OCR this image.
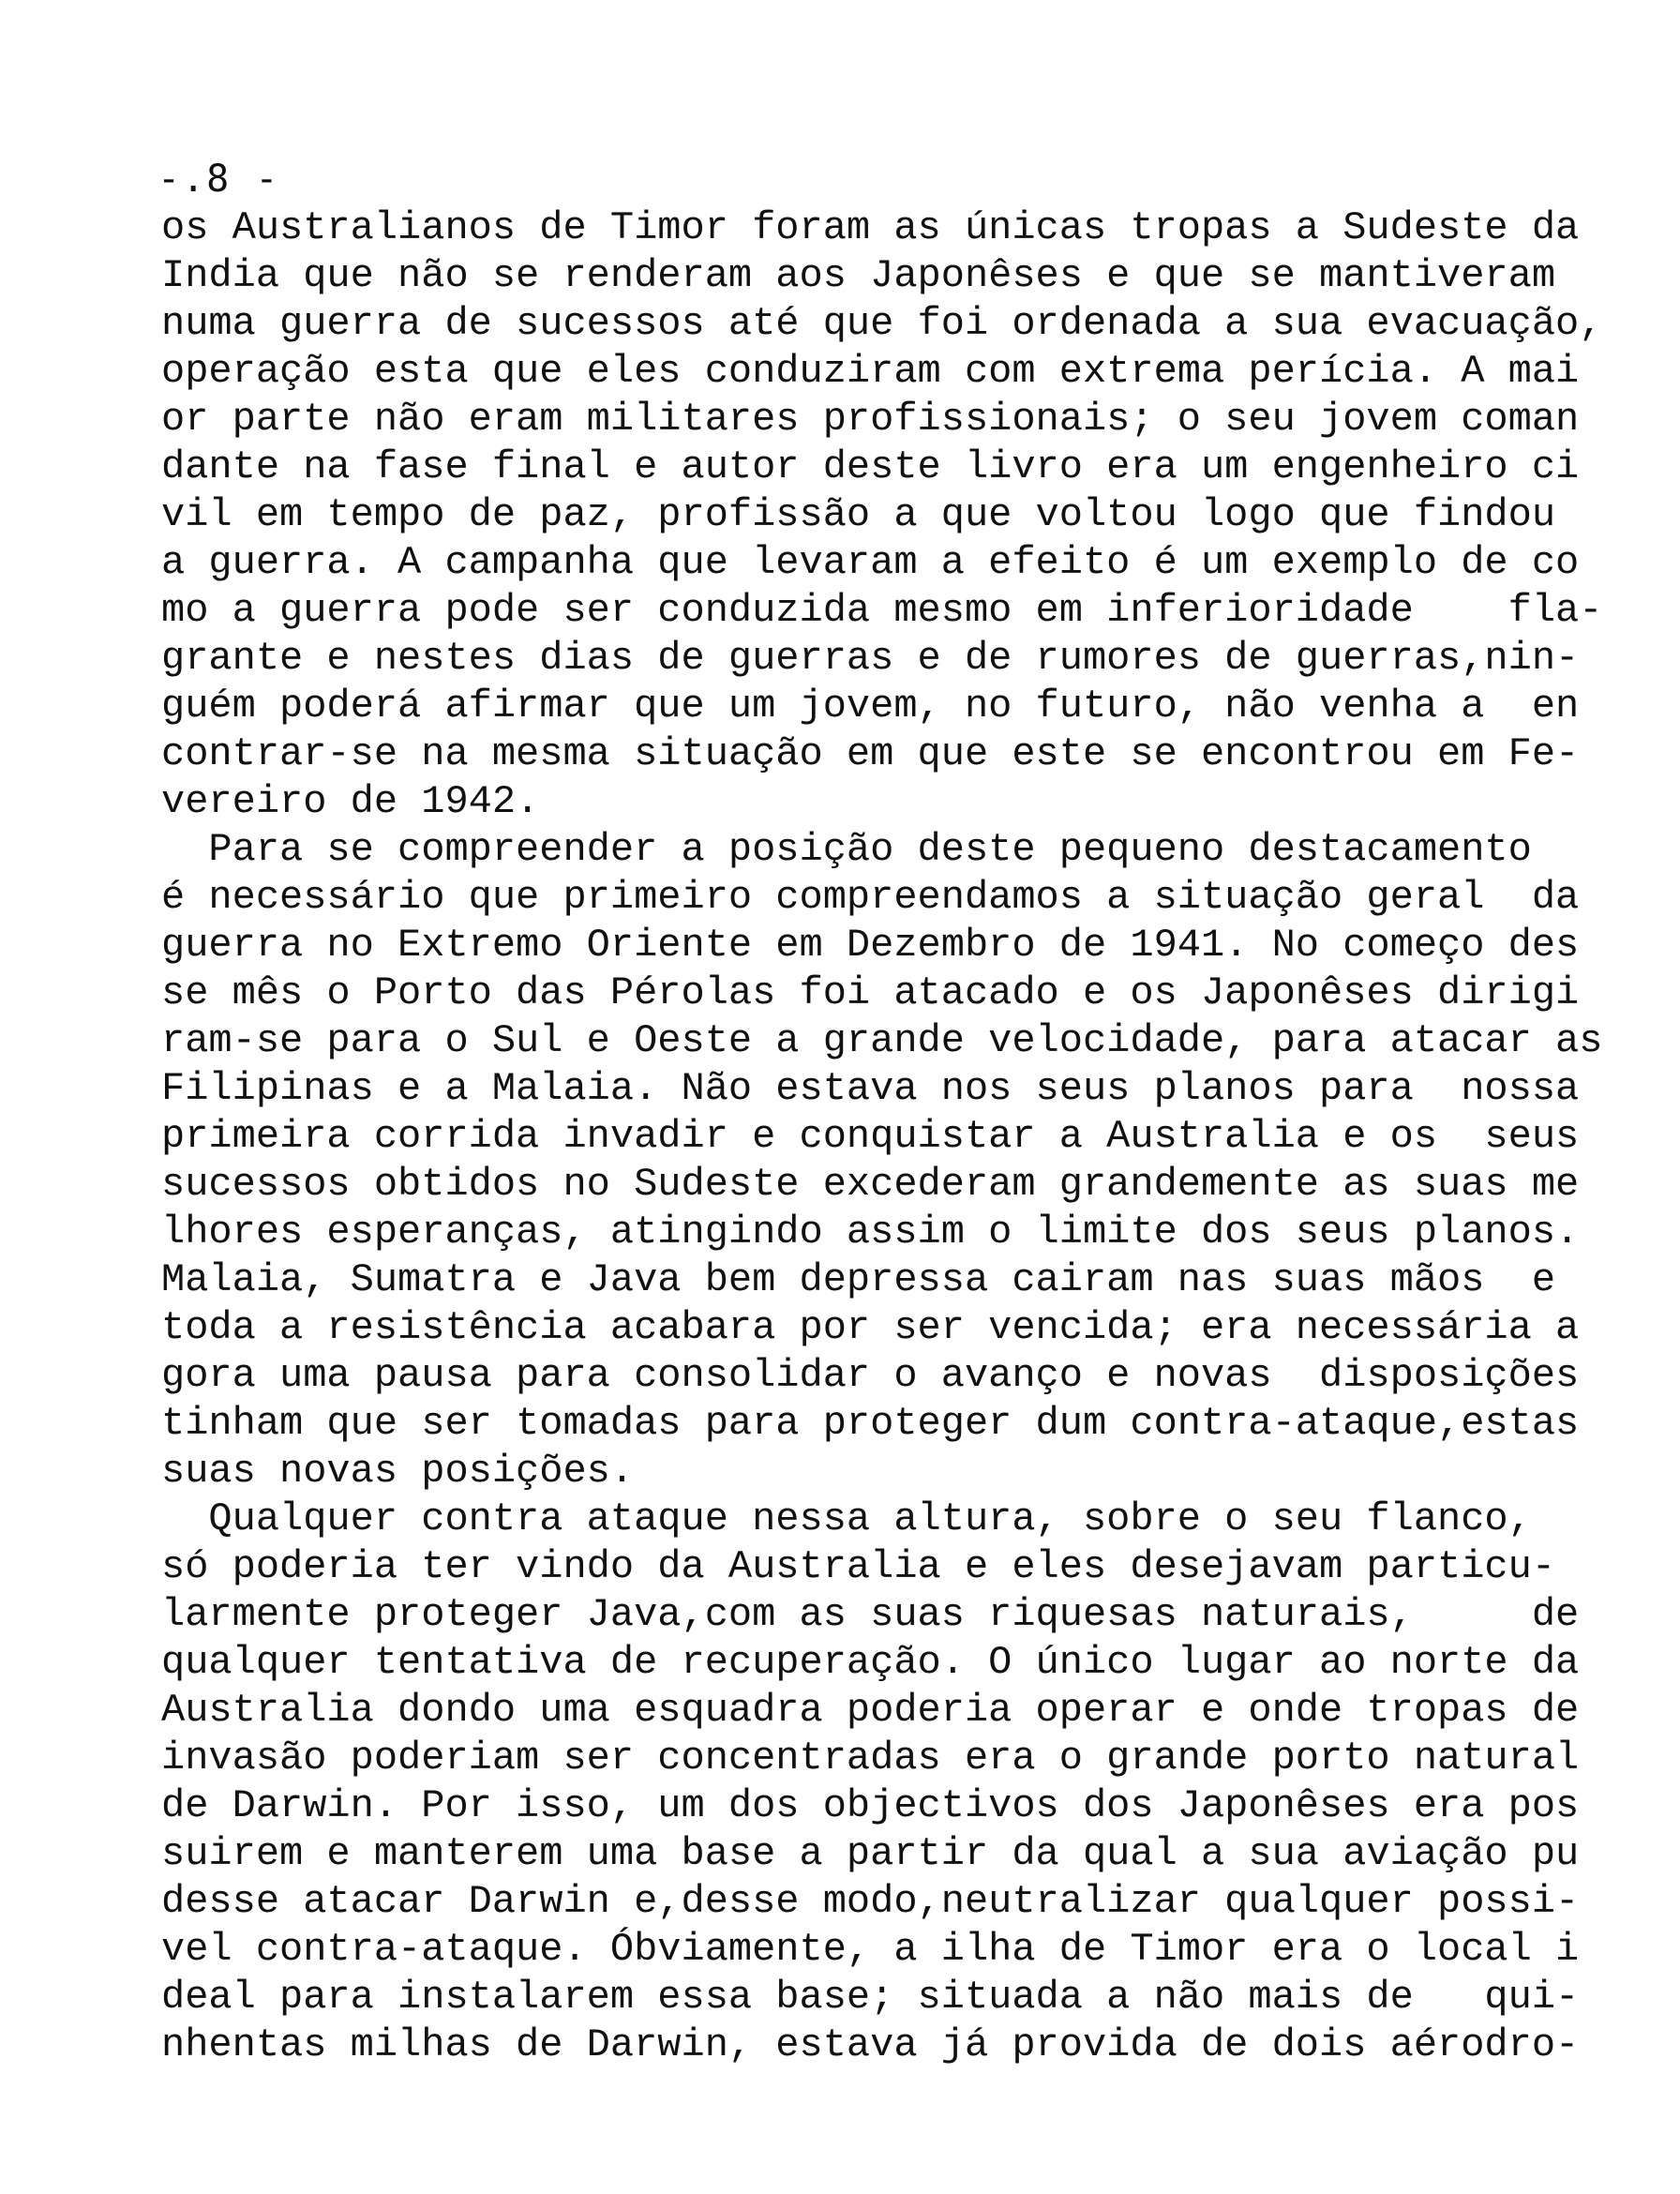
-.8 -
os Australianos de Timor foram as únicas tropas a Sudeste da
India que não se renderam aos Japonêses e que se mantiveram
numa guerra de sucessos até que foi ordenada a sua evacuação,
operação esta que eles conduziram com extrema perícia. A mai
or parte não eram militares profissionais; o seu jovem coman
dante na fase final e autor deste livro era um engenheiro ci
vil em tempo de paz, profissão a que voltou logo que findou
a guerra. A campanha que levaram a efeito é um exemplo de co
mo a guerra pode ser conduzida mesmo em inferioridade    fla-
grante e nestes dias de guerras e de rumores de guerras,nin-
guém poderá afirmar que um jovem, no futuro, não venha a  en
contrar-se na mesma situação em que este se encontrou em Fe-
vereiro de 1942.
Para se compreender a posição deste pequeno destacamento
é necessário que primeiro compreendamos a situação geral  da
guerra no Extremo Oriente em Dezembro de 1941. No começo des
se mês o Porto das Pérolas foi atacado e os Japonêses dirigi
ram-se para o Sul e Oeste a grande velocidade, para atacar as
Filipinas e a Malaia. Não estava nos seus planos para  nossa
primeira corrida invadir e conquistar a Australia e os  seus
sucessos obtidos no Sudeste excederam grandemente as suas me
lhores esperanças, atingindo assim o limite dos seus planos.
Malaia, Sumatra e Java bem depressa cairam nas suas mãos  e
toda a resistência acabara por ser vencida; era necessária a
gora uma pausa para consolidar o avanço e novas  disposições
tinham que ser tomadas para proteger dum contra-ataque,estas
suas novas posições.
Qualquer contra ataque nessa altura, sobre o seu flanco,
só poderia ter vindo da Australia e eles desejavam particu-
larmente proteger Java,com as suas riquesas naturais,     de
qualquer tentativa de recuperação. O único lugar ao norte da
Australia dondo uma esquadra poderia operar e onde tropas de
invasão poderiam ser concentradas era o grande porto natural
de Darwin. Por isso, um dos objectivos dos Japonêses era pos
suirem e manterem uma base a partir da qual a sua aviação pu
desse atacar Darwin e,desse modo,neutralizar qualquer possi-
vel contra-ataque. Óbviamente, a ilha de Timor era o local i
deal para instalarem essa base; situada a não mais de   qui-
nhentas milhas de Darwin, estava já provida de dois aérodro-
